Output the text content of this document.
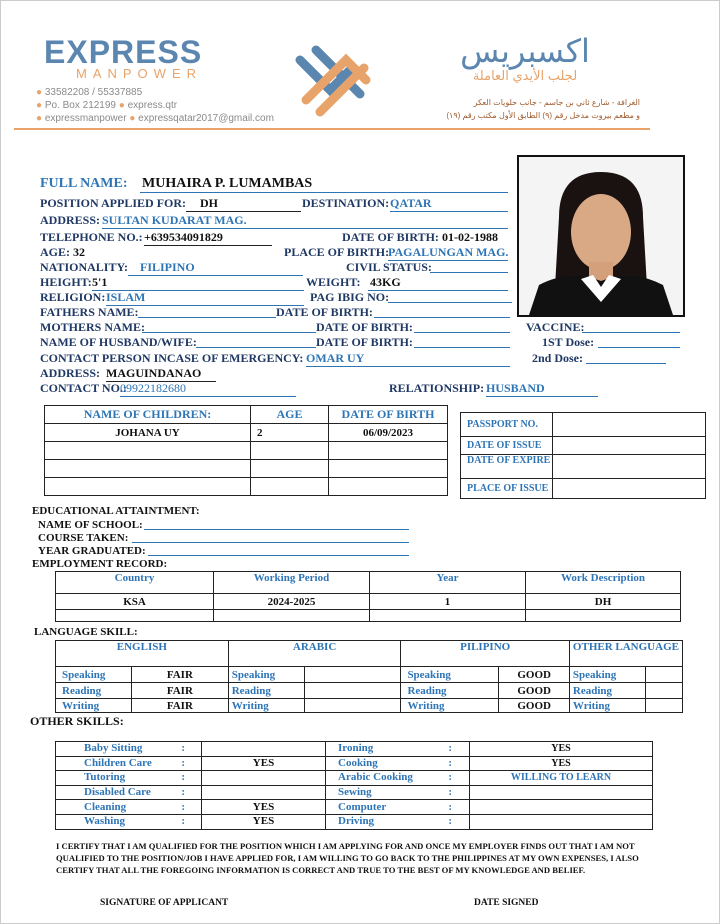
EXPRESS
MANPOWER
● 33582208 / 55337885
● Po. Box 212199 ● express.qtr
● expressmanpower ● expressqatar2017@gmail.com
اكسبريس
لجلب الأيدي العاملة
الغرافة - شارع ثاني بن جاسم - جانب حلويات العكر
و مطعم بيروت مدخل رقم (٩) الطابق الأول مكتب رقم (١٩)
FULL NAME: MUHAIRA P. LUMAMBAS
POSITION APPLIED FOR:	DH	DESTINATION: QATAR
ADDRESS: SULTAN KUDARAT MAG.
TELEPHONE NO.: +639534091829	DATE OF BIRTH: 01-02-1988
AGE: 32	PLACE OF BIRTH:
PAGALUNGAN MAG.
NATIONALITY: FILIPINO	CIVIL STATUS:
HEIGHT: 5'1	WEIGHT: 43KG
RELIGION: ISLAM	PAG IBIG NO:
FATHERS NAME:	DATE OF BIRTH:
MOTHERS NAME:	DATE OF BIRTH:	VACCINE:
NAME OF HUSBAND/WIFE:	DATE OF BIRTH:	1ST Dose:
CONTACT PERSON INCASE OF EMERGENCY: OMAR UY	2nd Dose:
ADDRESS: MAGUINDANAO
CONTACT NO.:
09922182680	RELATIONSHIP: HUSBAND
NAME OF CHILDREN:	AGE	DATE OF BIRTH
JOHANA UY	2	06/09/2023

PASSPORT NO.	
DATE OF ISSUE	
DATE OF EXPIRE	
PLACE OF ISSUE	
EDUCATIONAL ATTAINTMENT:
NAME OF SCHOOL:
COURSE TAKEN:
YEAR GRADUATED:
EMPLOYMENT RECORD:
Country	Working Period	Year	Work Description
KSA	2024-2025	1	DH

LANGUAGE SKILL:
ENGLISH		ARABIC		PILIPINO		OTHER LANGUAGE	
Speaking	FAIR	Speaking		Speaking	GOOD	Speaking	
Reading	FAIR	Reading		Reading	GOOD	Reading	
Writing	FAIR	Writing		Writing	GOOD	Writing	
OTHER SKILLS:
Baby Sitting	:		Ironing	:	YES
Children Care	:	YES	Cooking	:	YES
Tutoring	:		Arabic Cooking	:	WILLING TO LEARN
Disabled Care	:		Sewing	:	
Cleaning	:	YES	Computer	:	
Washing	:	YES	Driving	:	
I CERTIFY THAT I AM QUALIFIED FOR THE POSITION WHICH I AM APPLYING FOR AND ONCE MY EMPLOYER FINDS OUT THAT I AM NOT QUALIFIED TO THE POSITION/JOB I HAVE APPLIED FOR, I AM WILLING TO GO BACK TO THE PHILIPPINES AT MY OWN EXPENSES, I ALSO CERTIFY THAT ALL THE FOREGOING INFORMATION IS CORRECT AND TRUE TO THE BEST OF MY KNOWLEDGE AND BELIEF.
SIGNATURE OF APPLICANT	DATE SIGNED
